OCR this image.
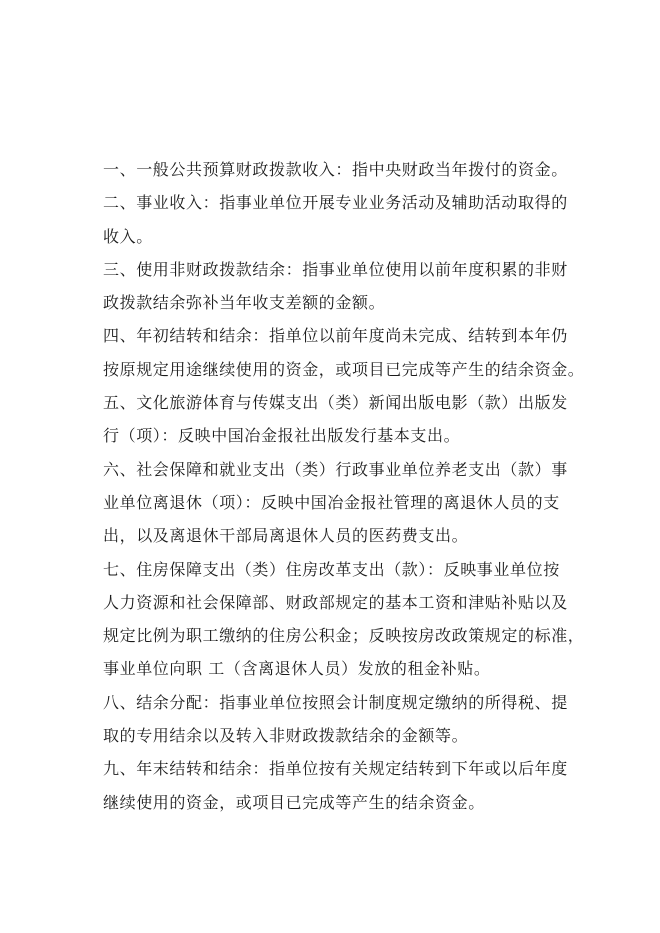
一、一般公共预算财政拨款收入：指中央财政当年拨付的资金。
二、事业收入：指事业单位开展专业业务活动及辅助活动取得的
收入。
三、使用非财政拨款结余：指事业单位使用以前年度积累的非财
政拨款结余弥补当年收支差额的金额。
四、年初结转和结余：指单位以前年度尚未完成、结转到本年仍
按原规定用途继续使用的资金，或项目已完成等产生的结余资金。
五、文化旅游体育与传媒支出（类）新闻出版电影（款）出版发
行（项）：反映中国冶金报社出版发行基本支出。
六、社会保障和就业支出（类）行政事业单位养老支出（款）事
业单位离退休（项）：反映中国冶金报社管理的离退休人员的支
出，以及离退休干部局离退休人员的医药费支出。
七、住房保障支出（类）住房改革支出（款）：反映事业单位按
人力资源和社会保障部、财政部规定的基本工资和津贴补贴以及
规定比例为职工缴纳的住房公积金；反映按房改政策规定的标准，
事业单位向职 工（含离退休人员）发放的租金补贴。
八、结余分配：指事业单位按照会计制度规定缴纳的所得税、提
取的专用结余以及转入非财政拨款结余的金额等。
九、年末结转和结余：指单位按有关规定结转到下年或以后年度
继续使用的资金，或项目已完成等产生的结余资金。
